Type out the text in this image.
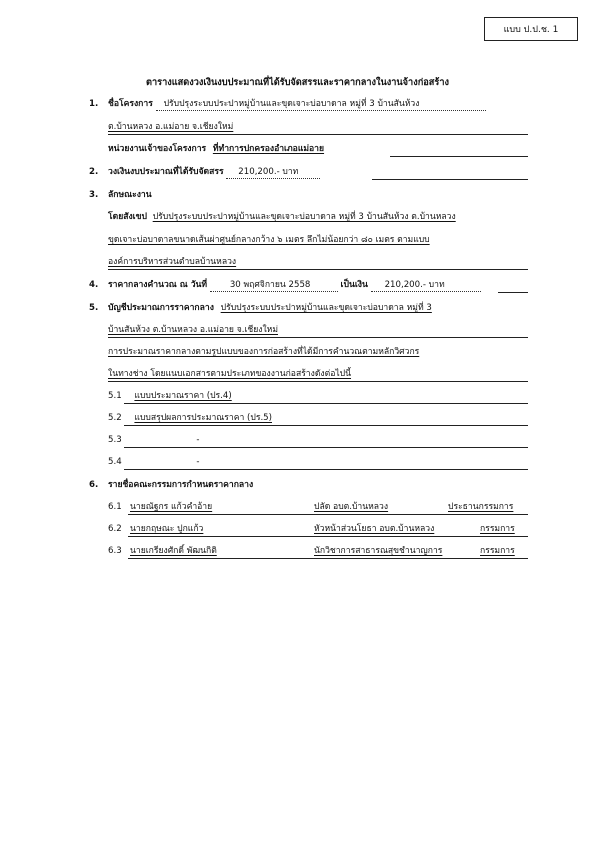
แบบ ป.ป.ช. 1
ตารางแสดงวงเงินงบประมาณที่ได้รับจัดสรรและราคากลางในงานจ้างก่อสร้าง
1. ชื่อโครงการ ปรับปรุงระบบประปาหมู่บ้านและขุดเจาะบ่อบาดาล หมู่ที่ 3 บ้านสันห้วง
ต.บ้านหลวง อ.แม่อาย จ.เชียงใหม่
หน่วยงานเจ้าของโครงการ ที่ทำการปกครองอำเภอแม่อาย
2. วงเงินงบประมาณที่ได้รับจัดสรร 210,200.- บาท
3. ลักษณะงาน
โดยสังเขป ปรับปรุงระบบประปาหมู่บ้านและขุดเจาะบ่อบาดาล หมู่ที่ 3 บ้านสันห้วง ต.บ้านหลวง
ขุดเจาะบ่อบาดาลขนาดเส้นผ่าศูนย์กลางกว้าง ๖ เมตร ลึกไม่น้อยกว่า ๘๐ เมตร ตามแบบ
องค์การบริหารส่วนตำบลบ้านหลวง
4. ราคากลางคำนวณ ณ วันที่	30 พฤศจิกายน 2558	เป็นเงิน 210,200.- บาท
5. บัญชีประมาณการราคากลาง ปรับปรุงระบบประปาหมู่บ้านและขุดเจาะบ่อบาดาล หมู่ที่ 3
บ้านสันห้วง ต.บ้านหลวง อ.แม่อาย จ.เชียงใหม่
การประมาณราคากลางตามรูปแบบของการก่อสร้างที่ได้มีการคำนวณตามหลักวิศวกร
ในทางช่าง โดยแนบเอกสารตามประเภทของงานก่อสร้างดังต่อไปนี้
5.1 แบบประมาณราคา (ปร.4)
5.2 แบบสรุปผลการประมาณราคา (ปร.5)
5.3	-
5.4	-
6. รายชื่อคณะกรรมการกำหนดราคากลาง
6.1 นายณัฐกร แก้วคำอ้าย	ปลัด อบต.บ้านหลวง	ประธานกรรมการ
6.2 นายกฤษณะ ปูกแก้ว	หัวหน้าส่วนโยธา อบต.บ้านหลวง	กรรมการ
6.3 นายเกรียงศักดิ์ พัฒนกิติ	นักวิชาการสาธารณสุขชำนาญการ	กรรมการ
